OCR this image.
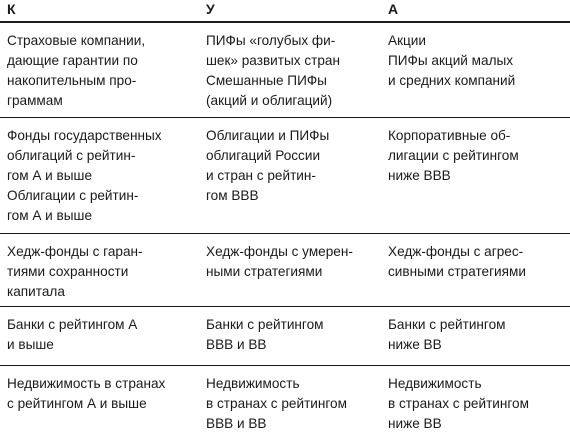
К	У	А
Страховые компании,
дающие гарантии по
накопительным про-
граммам	ПИФы «голубых фи-
шек» развитых стран
Смешанные ПИФы
(акций и облигаций)	Акции
ПИФы акций малых
и средних компаний
Фонды государственных
облигаций с рейтин-
гом А и выше
Облигации с рейтин-
гом А и выше	Облигации и ПИФы
облигаций России
и стран с рейтин-
гом BBB	Корпоративные об-
лигации с рейтингом
ниже BBB
Хедж-фонды с гаран-
тиями сохранности
капитала	Хедж-фонды с умерен-
ными стратегиями	Хедж-фонды с агрес-
сивными стратегиями
Банки с рейтингом А
и выше	Банки с рейтингом
BBB и BB	Банки с рейтингом
ниже BB
Недвижимость в странах
с рейтингом А и выше	Недвижимость
в странах с рейтингом
BBB и BB	Недвижимость
в странах с рейтингом
ниже BB
